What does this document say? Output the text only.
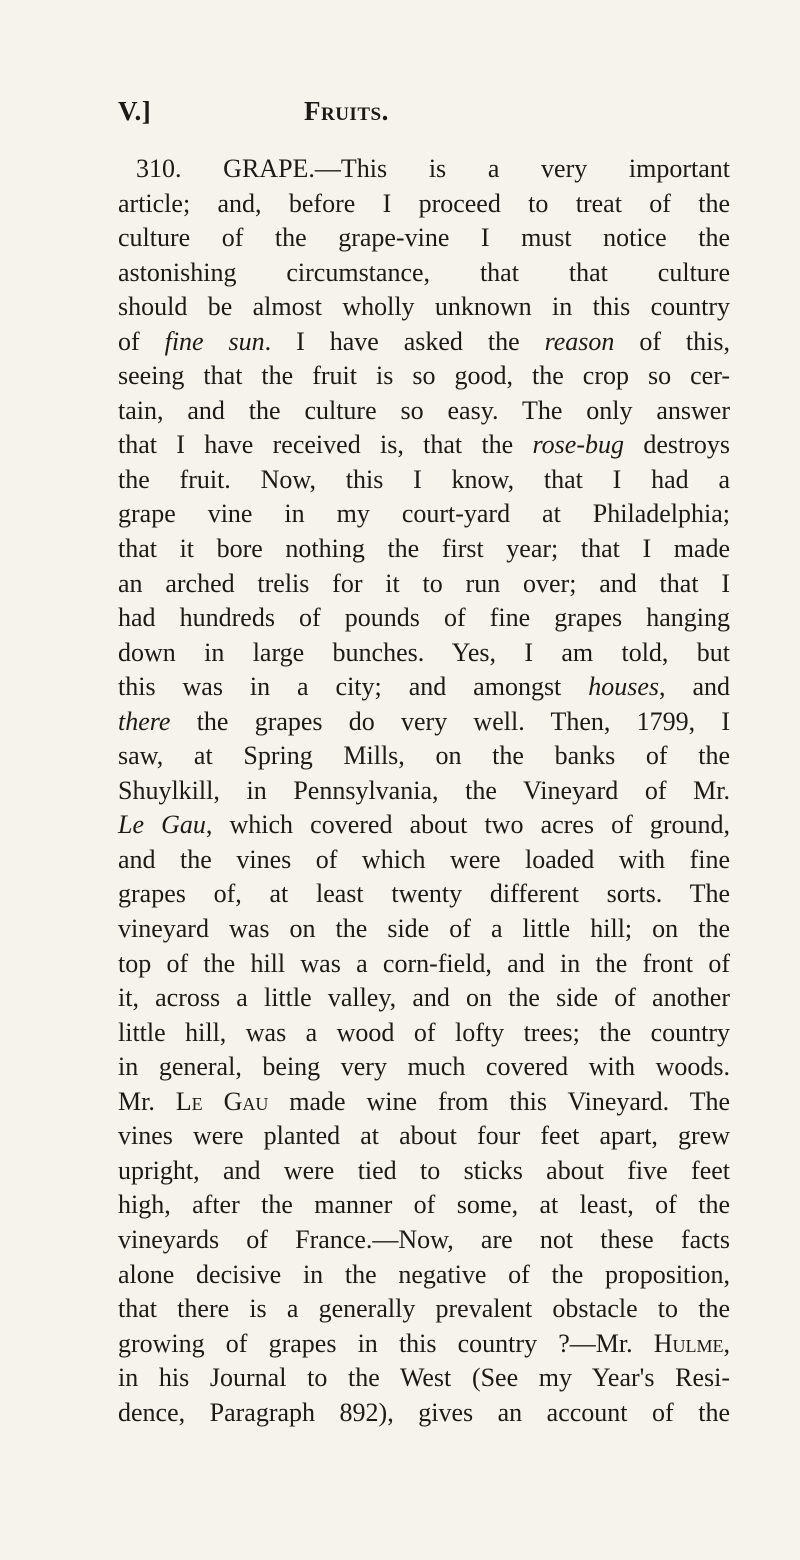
V.]	Fruits.
310. GRAPE.—This is a very important
article; and, before I proceed to treat of the
culture of the grape-vine I must notice the
astonishing circumstance, that that culture
should be almost wholly unknown in this country
of fine sun. I have asked the reason of this,
seeing that the fruit is so good, the crop so cer-
tain, and the culture so easy. The only answer
that I have received is, that the rose-bug destroys
the fruit. Now, this I know, that I had a
grape vine in my court-yard at Philadelphia;
that it bore nothing the first year; that I made
an arched trelis for it to run over; and that I
had hundreds of pounds of fine grapes hanging
down in large bunches. Yes, I am told, but
this was in a city; and amongst houses, and
there the grapes do very well. Then, 1799, I
saw, at Spring Mills, on the banks of the
Shuylkill, in Pennsylvania, the Vineyard of Mr.
Le Gau, which covered about two acres of ground,
and the vines of which were loaded with fine
grapes of, at least twenty different sorts. The
vineyard was on the side of a little hill; on the
top of the hill was a corn-field, and in the front of
it, across a little valley, and on the side of another
little hill, was a wood of lofty trees; the country
in general, being very much covered with woods.
Mr. Le Gau made wine from this Vineyard. The
vines were planted at about four feet apart, grew
upright, and were tied to sticks about five feet
high, after the manner of some, at least, of the
vineyards of France.—Now, are not these facts
alone decisive in the negative of the proposition,
that there is a generally prevalent obstacle to the
growing of grapes in this country ?—Mr. Hulme,
in his Journal to the West (See my Year's Resi-
dence, Paragraph 892), gives an account of the
